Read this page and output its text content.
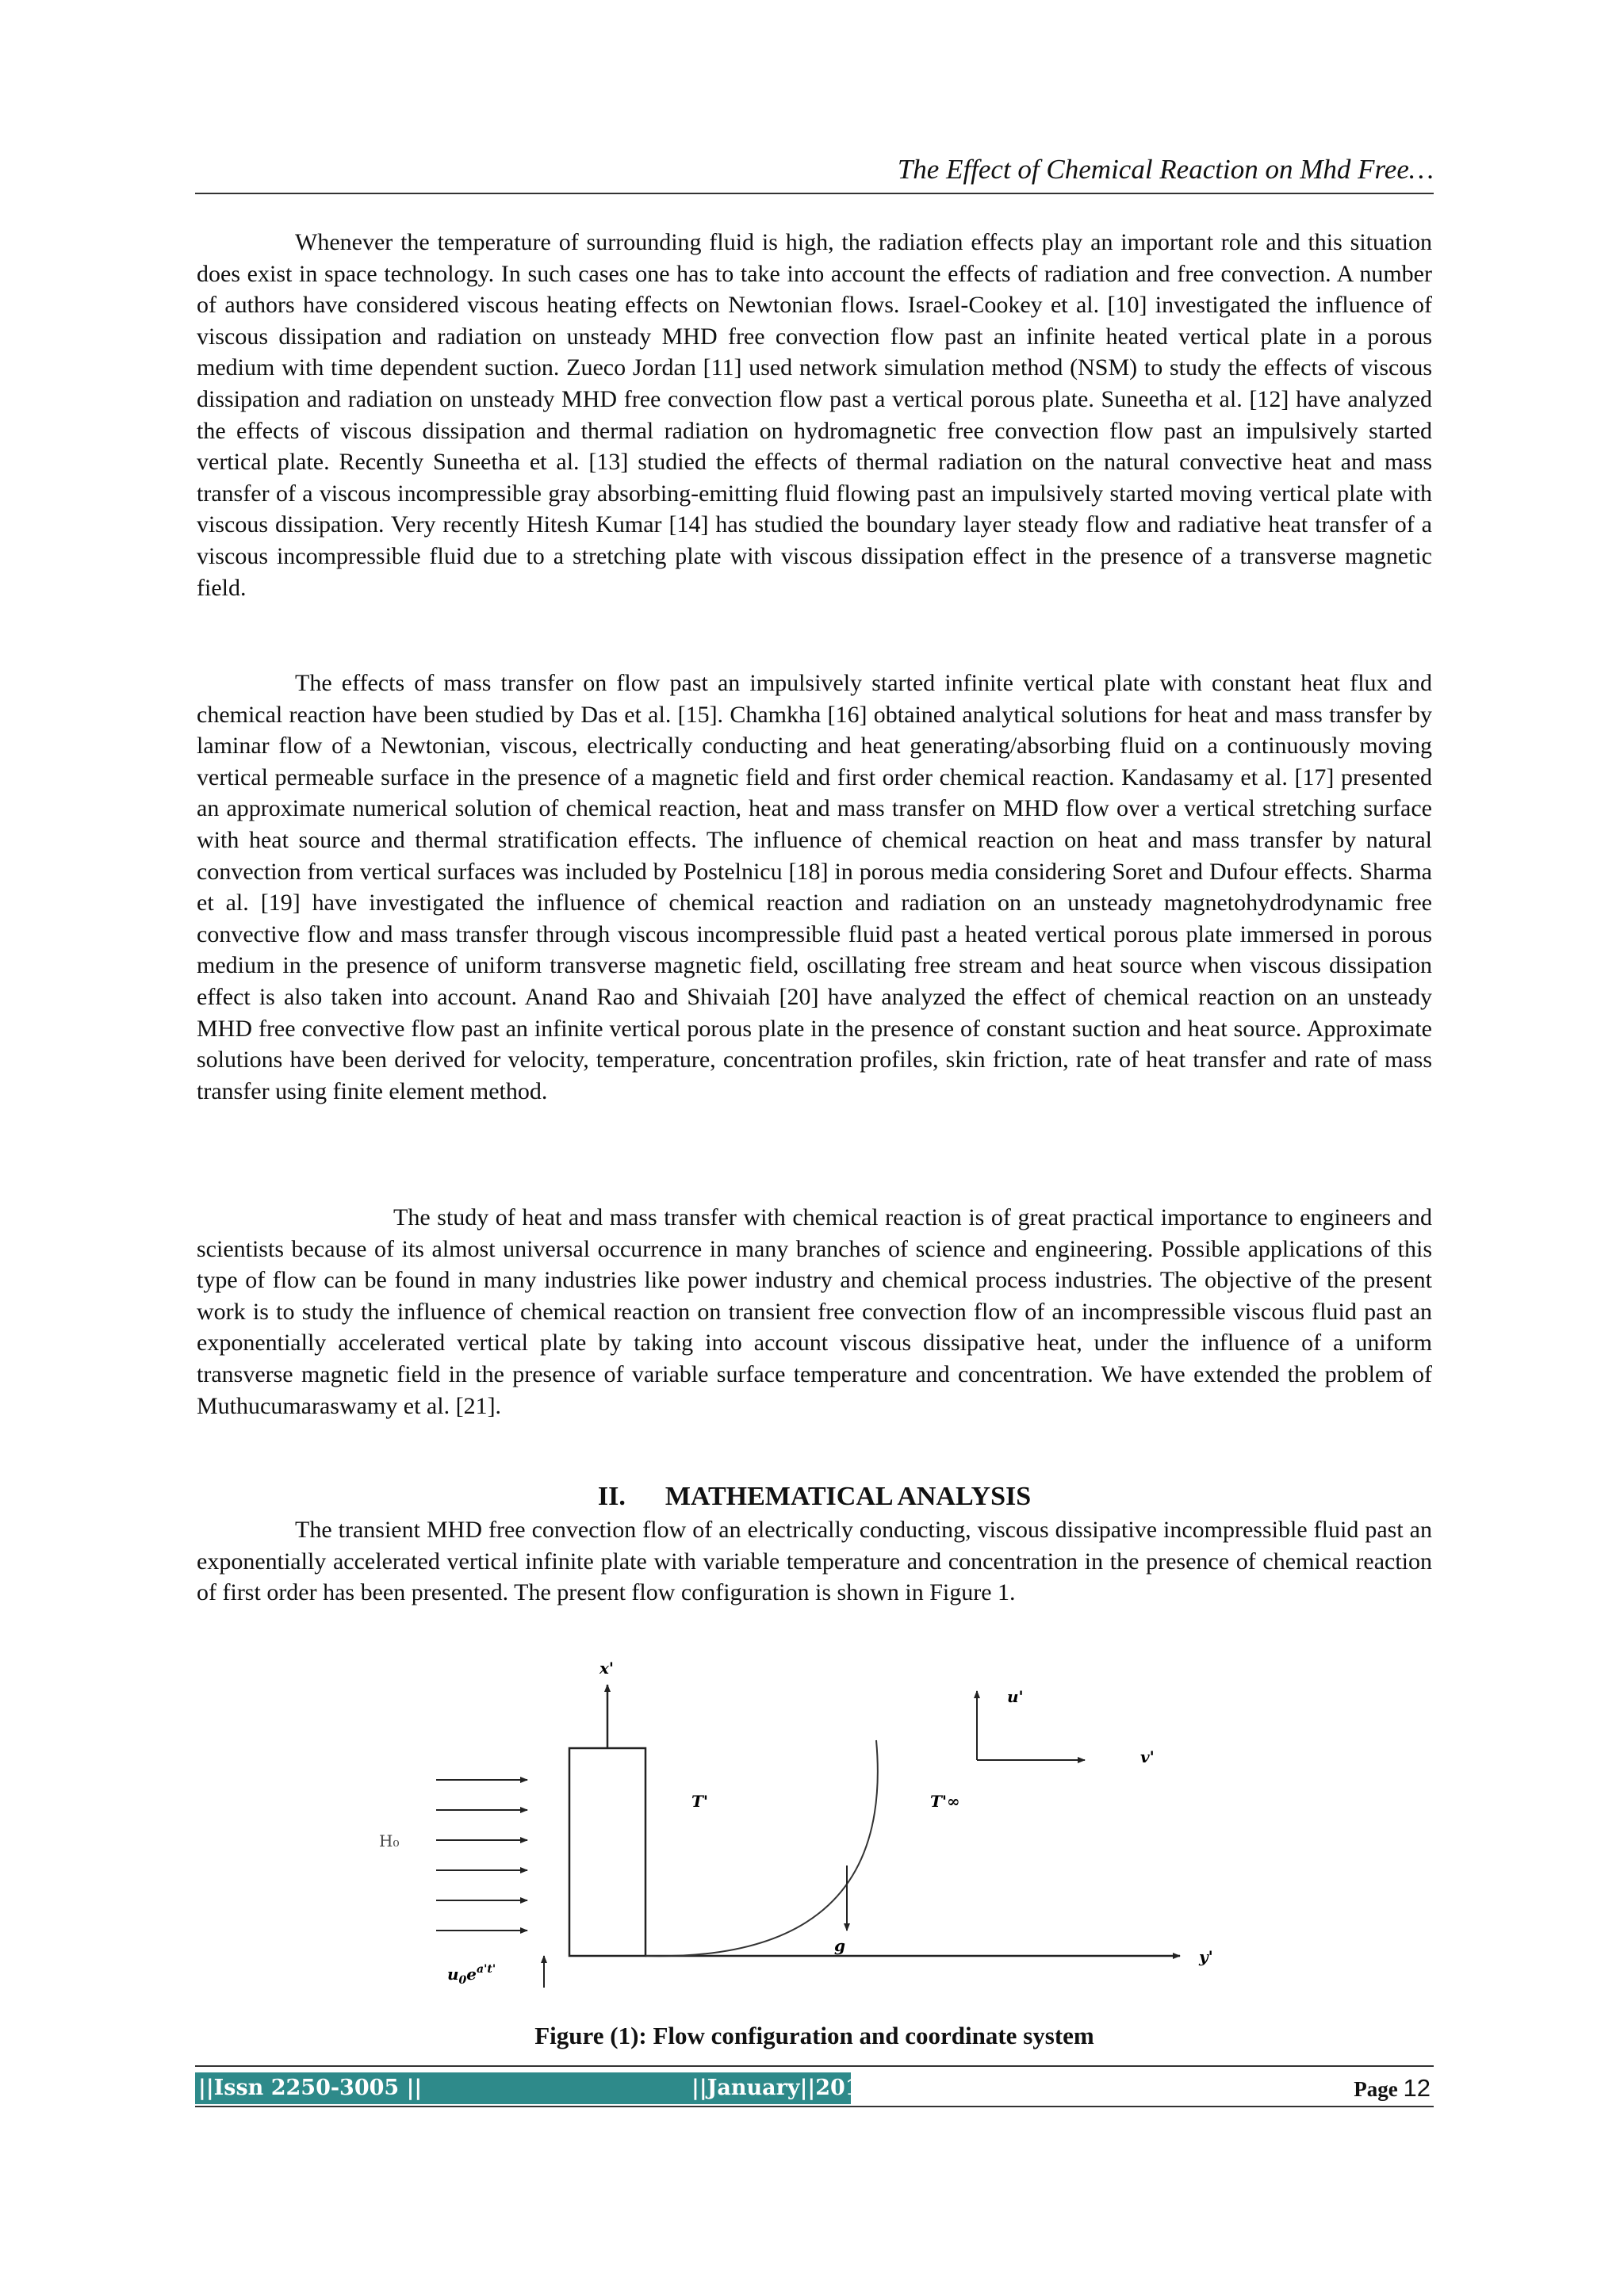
The Effect of Chemical Reaction on Mhd Free…

Whenever the temperature of surrounding fluid is high, the radiation effects play an important role and this situation does exist in space technology. In such cases one has to take into account the effects of radiation and free convection. A number of authors have considered viscous heating effects on Newtonian flows. Israel-Cookey et al. [10] investigated the influence of viscous dissipation and radiation on unsteady MHD free convection flow past an infinite heated vertical plate in a porous medium with time dependent suction. Zueco Jordan [11] used network simulation method (NSM) to study the effects of viscous dissipation and radiation on unsteady MHD free convection flow past a vertical porous plate. Suneetha et al. [12] have analyzed the effects of viscous dissipation and thermal radiation on hydromagnetic free convection flow past an impulsively started vertical plate. Recently Suneetha et al. [13] studied the effects of thermal radiation on the natural convective heat and mass transfer of a viscous incompressible gray absorbing-emitting fluid flowing past an impulsively started moving vertical plate with viscous dissipation. Very recently Hitesh Kumar [14] has studied the boundary layer steady flow and radiative heat transfer of a viscous incompressible fluid due to a stretching plate with viscous dissipation effect in the presence of a transverse magnetic field.

The effects of mass transfer on flow past an impulsively started infinite vertical plate with constant heat flux and chemical reaction have been studied by Das et al. [15]. Chamkha [16] obtained analytical solutions for heat and mass transfer by laminar flow of a Newtonian, viscous, electrically conducting and heat generating/absorbing fluid on a continuously moving vertical permeable surface in the presence of a magnetic field and first order chemical reaction. Kandasamy et al. [17] presented an approximate numerical solution of chemical reaction, heat and mass transfer on MHD flow over a vertical stretching surface with heat source and thermal stratification effects. The influence of chemical reaction on heat and mass transfer by natural convection from vertical surfaces was included by Postelnicu [18] in porous media considering Soret and Dufour effects. Sharma et al. [19] have investigated the influence of chemical reaction and radiation on an unsteady magnetohydrodynamic free convective flow and mass transfer through viscous incompressible fluid past a heated vertical porous plate immersed in porous medium in the presence of uniform transverse magnetic field, oscillating free stream and heat source when viscous dissipation effect is also taken into account. Anand Rao and Shivaiah [20] have analyzed the effect of chemical reaction on an unsteady MHD free convective flow past an infinite vertical porous plate in the presence of constant suction and heat source. Approximate solutions have been derived for velocity, temperature, concentration profiles, skin friction, rate of heat transfer and rate of mass transfer using finite element method.

The study of heat and mass transfer with chemical reaction is of great practical importance to engineers and scientists because of its almost universal occurrence in many branches of science and engineering. Possible applications of this type of flow can be found in many industries like power industry and chemical process industries. The objective of the present work is to study the influence of chemical reaction on transient free convection flow of an incompressible viscous fluid past an exponentially accelerated vertical plate by taking into account viscous dissipative heat, under the influence of a uniform transverse magnetic field in the presence of variable surface temperature and concentration. We have extended the problem of Muthucumaraswamy et al. [21].

II. MATHEMATICAL ANALYSIS

The transient MHD free convection flow of an electrically conducting, viscous dissipative incompressible fluid past an exponentially accelerated vertical infinite plate with variable temperature and concentration in the presence of chemical reaction of first order has been presented. The present flow configuration is shown in Figure 1.

H₀
x'
y'
g
T'	T'∞
u'
v'
$u_0e^{a't'}$
Figure (1): Flow configuration and coordinate system
||Issn 2250-3005 ||	||January||2014||	Page 12
